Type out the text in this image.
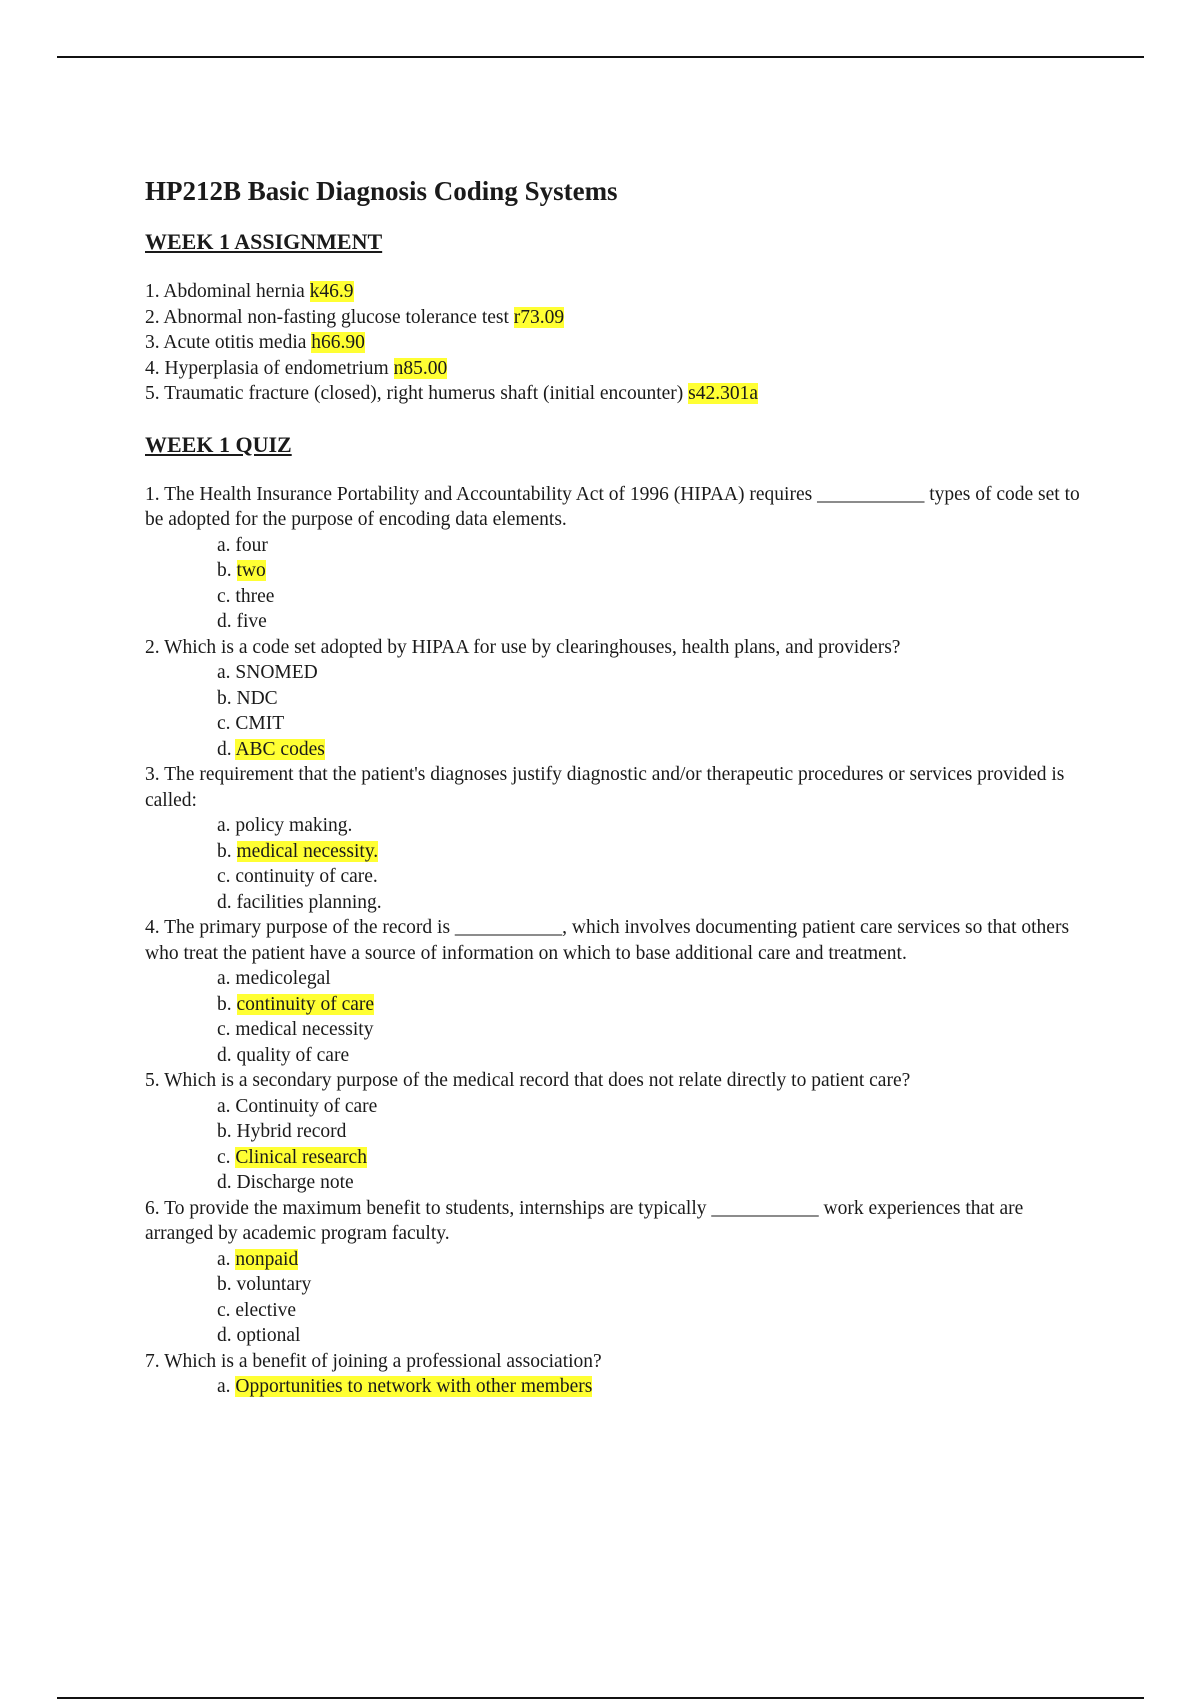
HP212B Basic Diagnosis Coding Systems
WEEK 1 ASSIGNMENT
1. Abdominal hernia k46.9
2. Abnormal non-fasting glucose tolerance test r73.09
3. Acute otitis media h66.90
4. Hyperplasia of endometrium n85.00
5. Traumatic fracture (closed), right humerus shaft (initial encounter) s42.301a
WEEK 1 QUIZ
1. The Health Insurance Portability and Accountability Act of 1996 (HIPAA) requires ___________ types of code set to be adopted for the purpose of encoding data elements.
a. four
b. two
c. three
d. five
2. Which is a code set adopted by HIPAA for use by clearinghouses, health plans, and providers?
a. SNOMED
b. NDC
c. CMIT
d. ABC codes
3. The requirement that the patient's diagnoses justify diagnostic and/or therapeutic procedures or services provided is called:
a. policy making.
b. medical necessity.
c. continuity of care.
d. facilities planning.
4. The primary purpose of the record is ___________, which involves documenting patient care services so that others who treat the patient have a source of information on which to base additional care and treatment.
a. medicolegal
b. continuity of care
c. medical necessity
d. quality of care
5. Which is a secondary purpose of the medical record that does not relate directly to patient care?
a. Continuity of care
b. Hybrid record
c. Clinical research
d. Discharge note
6. To provide the maximum benefit to students, internships are typically ___________ work experiences that are arranged by academic program faculty.
a. nonpaid
b. voluntary
c. elective
d. optional
7. Which is a benefit of joining a professional association?
a. Opportunities to network with other members
